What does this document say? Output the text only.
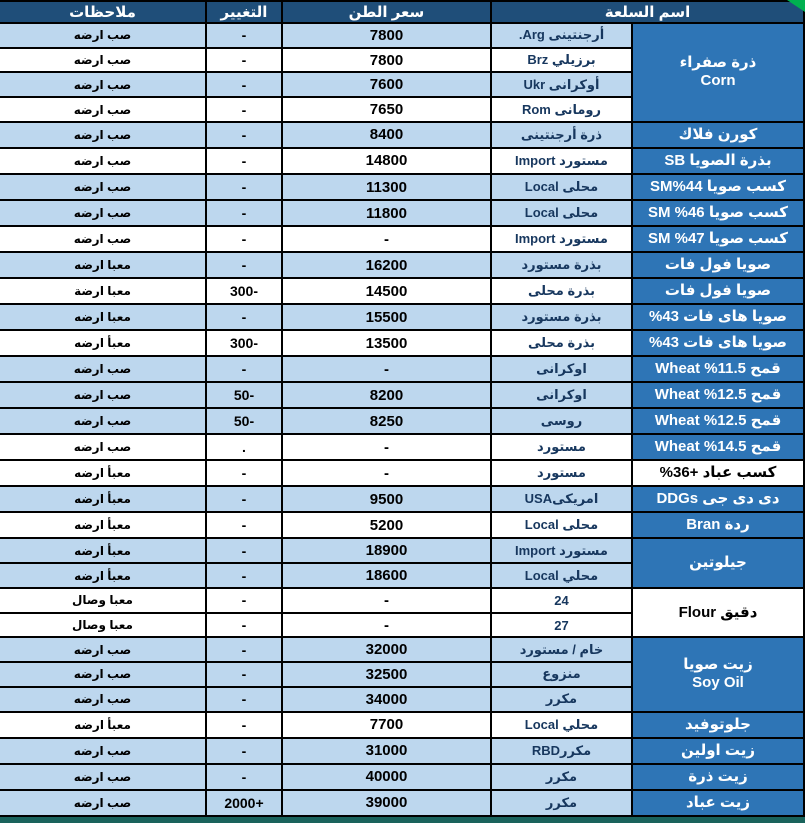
اسم السلعة		سعر الطن	التغيير	ملاحظات

ذرة صفراء
Corn	أرجنتينى Arg.	7800	-	صب ارضه
	برزيلي Brz	7800	-	صب ارضه
	أوكرانى Ukr	7600	-	صب ارضه
	رومانى Rom	7650	-	صب ارضه

كورن فلاك	ذرة أرجنتينى	8400	-	صب ارضه

بذرة الصويا SB	مستورد Import	14800	-	صب ارضه

كسب صويا SM%44	محلى Local	11300	-	صب ارضه

كسب صويا SM %46	محلى Local	11800	-	صب ارضه

كسب صويا SM %47	مستورد Import	-	-	صب ارضه

صويا فول فات	بذرة مستورد	16200	-	معبا ارضه

صويا فول فات	بذرة محلى	14500	-300	معبا ارضة

صويا هاى فات 43%	بذرة مستورد	15500	-	معبا ارضه

صويا هاى فات 43%	بذرة محلى	13500	-300	معبأ ارضه

قمح Wheat %11.5	اوكرانى	-	-	صب ارضه

قمح Wheat %12.5	اوكرانى	8200	-50	صب ارضه

قمح Wheat %12.5	روسى	8250	-50	صب ارضه

قمح Wheat %14.5	مستورد	-	.	صب ارضه

كسب عباد +36%	مستورد	-	-	معبأ ارضه

دى دى جى DDGs	امريكىUSA	9500	-	معبأ ارضه

ردة Bran	محلى Local	5200	-	معبأ ارضه

جيلوتين	مستورد Import	18900	-	معبأ ارضه
	محلي Local	18600	-	معبأ ارضه

دقيق Flour	24	-	-	معبا وصال
	27	-	-	معبا وصال

زيت صويا
Soy Oil	خام / مستورد	32000	-	صب ارضه
	منزوع	32500	-	صب ارضه
	مكرر	34000	-	صب ارضه

جلوتوفيد	محلي Local	7700	-	معبأ ارضه

زيت اولين	مكررRBD	31000	-	صب ارضه

زيت ذرة	مكرر	40000	-	صب ارضه

زيت عباد	مكرر	39000	+2000	صب ارضه
